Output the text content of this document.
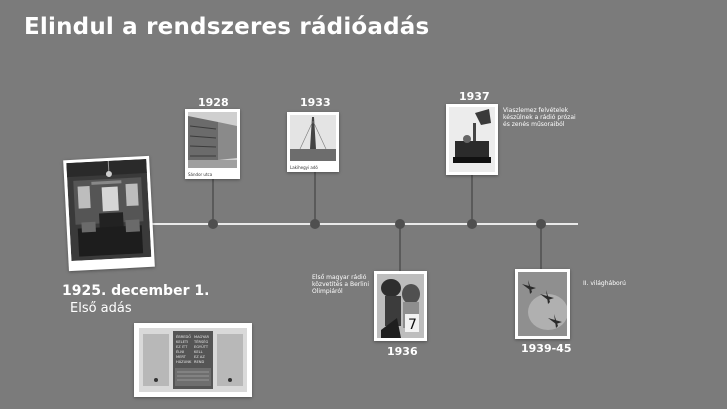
Elindul a rendszeres rádióadás
1928
Sándor utca
1933
Lakihegyi adó
Első magyar rádió közvetítés a Berlini Olimpiáról
7
1936
1937
Viaszlemez felvételek készülnek a rádió prózai és zenés műsoraiból
II. világháború
1939-45
1925. december 1.
Első adás
ÉBREDŐ MAGYAR
KELETI TÉRSÉG
EZ ITT EGYÜTT
ÉLNI	KELL
MERT EZ AZ
HÁZUNK REND
